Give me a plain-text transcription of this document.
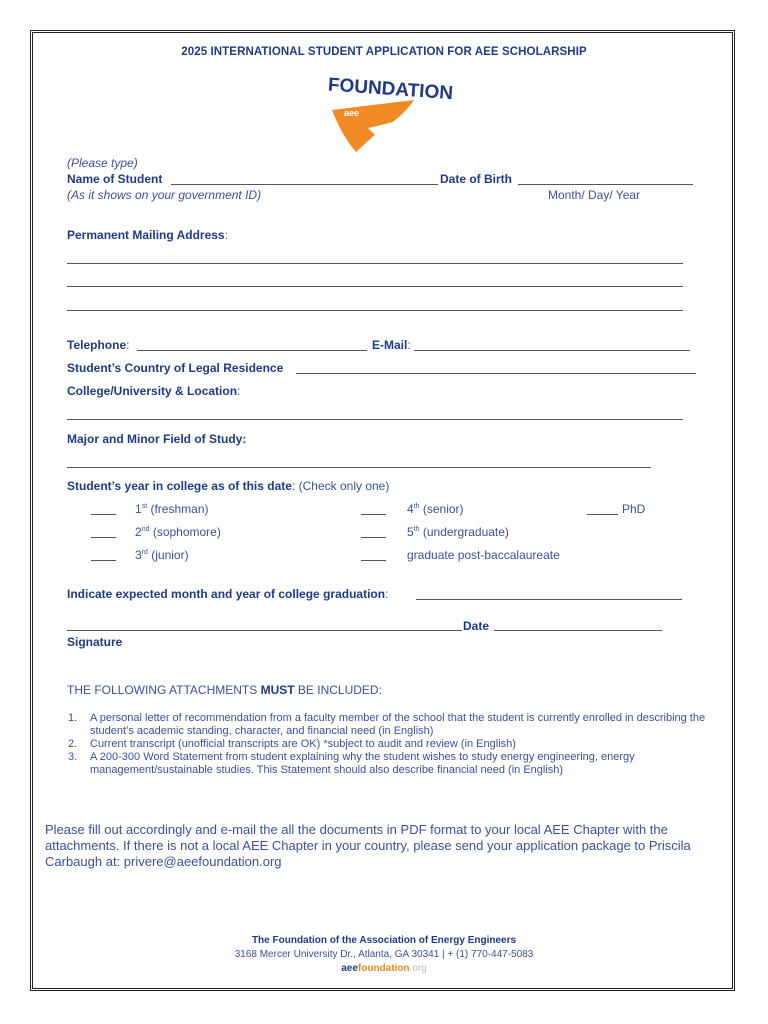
2025 INTERNATIONAL STUDENT APPLICATION FOR AEE SCHOLARSHIP
FOUNDATION
aee
(Please type)
Name of Student	Date of Birth
(As it shows on your government ID)	Month/ Day/ Year
Permanent Mailing Address:
Telephone:	E-Mail:
Student’s Country of Legal Residence
College/University & Location:
Major and Minor Field of Study:
Student’s year in college as of this date: (Check only one)
1st (freshman)	4th (senior)	PhD
2nd (sophomore)	5th (undergraduate)
3rd (junior)	graduate post-baccalaureate
Indicate expected month and year of college graduation:
Date
Signature
THE FOLLOWING ATTACHMENTS MUST BE INCLUDED:
1. A personal letter of recommendation from a faculty member of the school that the student is currently enrolled in describing the student’s academic standing, character, and financial need (in English)
2. Current transcript (unofficial transcripts are OK) *subject to audit and review (in English)
3. A 200-300 Word Statement from student explaining why the student wishes to study energy engineering, energy management/sustainable studies. This Statement should also describe financial need (in English)
Please fill out accordingly and e-mail the all the documents in PDF format to your local AEE Chapter with the attachments. If there is not a local AEE Chapter in your country, please send your application package to Priscila Carbaugh at: privere@aeefoundation.org
The Foundation of the Association of Energy Engineers
3168 Mercer University Dr., Atlanta, GA 30341 | + (1) 770-447-5083
aeefoundation.org
